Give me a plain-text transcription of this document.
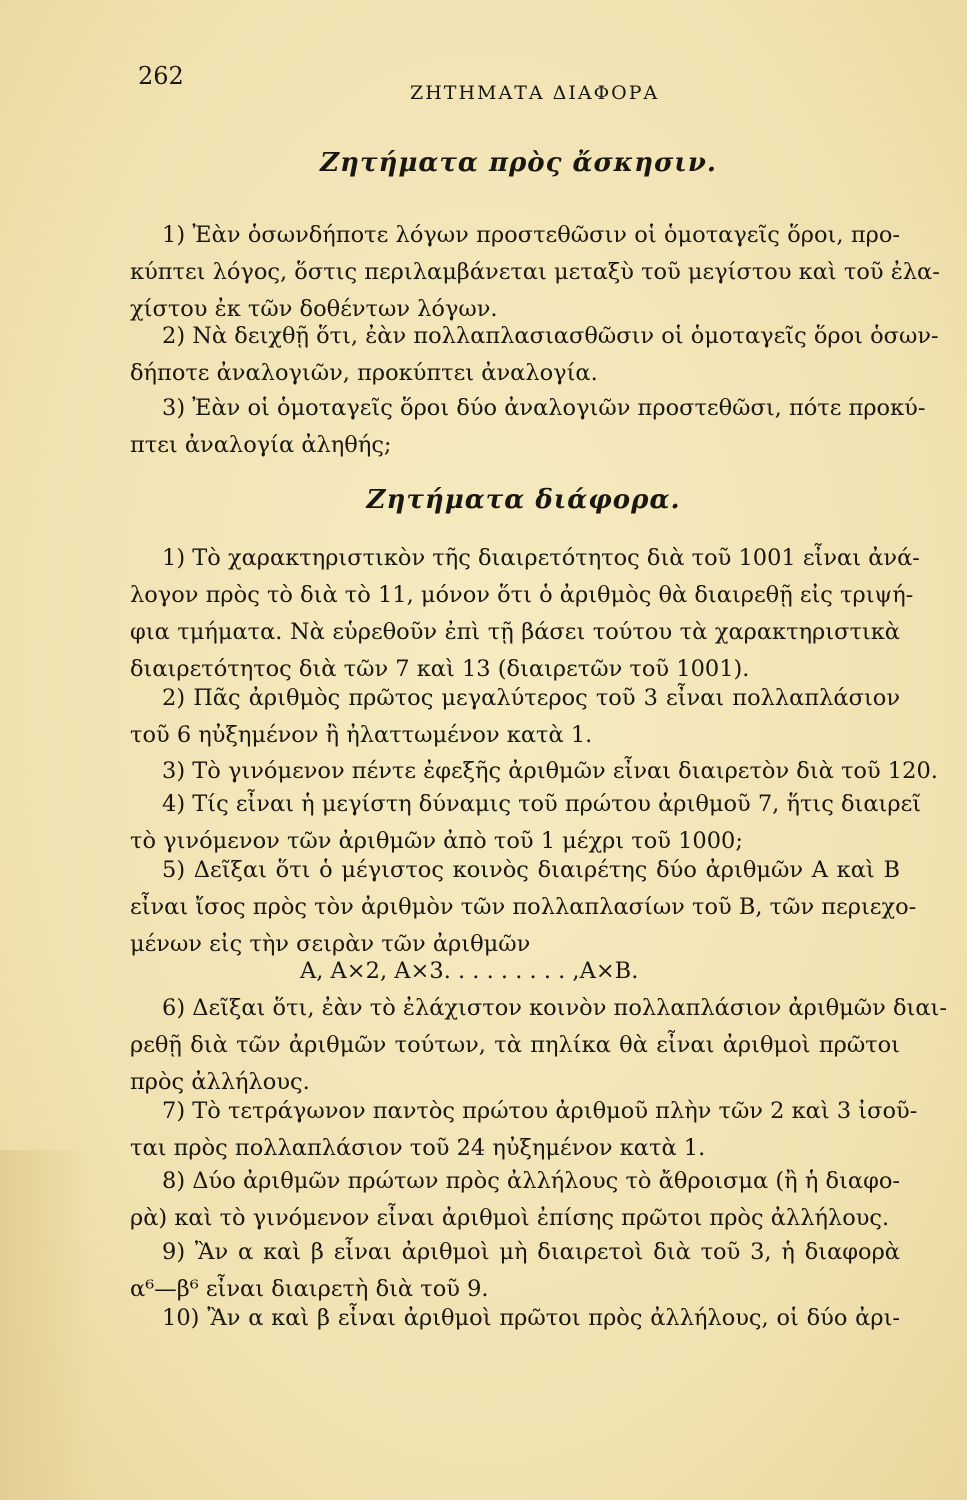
262
ΖΗΤΗΜΑΤΑ ΔΙΑΦΟΡΑ
Ζητήματα πρὸς ἄσκησιν.
1) Ἐὰν ὁσωνδήποτε λόγων προστεθῶσιν οἱ ὁμοταγεῖς ὅροι, προ-
κύπτει λόγος, ὅστις περιλαμβάνεται μεταξὺ τοῦ μεγίστου καὶ τοῦ ἐλα-
χίστου ἐκ τῶν δοθέντων λόγων.
2) Νὰ δειχθῇ ὅτι, ἐὰν πολλαπλασιασθῶσιν οἱ ὁμοταγεῖς ὅροι ὁσων-
δήποτε ἀναλογιῶν, προκύπτει ἀναλογία.
3) Ἐὰν οἱ ὁμοταγεῖς ὅροι δύο ἀναλογιῶν προστεθῶσι, πότε προκύ-
πτει ἀναλογία ἀληθής;
Ζητήματα διάφορα.
1) Τὸ χαρακτηριστικὸν τῆς διαιρετότητος διὰ τοῦ 1001 εἶναι ἀνά-
λογον πρὸς τὸ διὰ τὸ 11, μόνον ὅτι ὁ ἀριθμὸς θὰ διαιρεθῇ εἰς τριψή-
φια τμήματα. Νὰ εὑρεθοῦν ἐπὶ τῇ βάσει τούτου τὰ χαρακτηριστικὰ
διαιρετότητος διὰ τῶν 7 καὶ 13 (διαιρετῶν τοῦ 1001).
2) Πᾶς ἀριθμὸς πρῶτος μεγαλύτερος τοῦ 3 εἶναι πολλαπλάσιον
τοῦ 6 ηὐξημένον ἢ ἠλαττωμένον κατὰ 1.
3) Τὸ γινόμενον πέντε ἐφεξῆς ἀριθμῶν εἶναι διαιρετὸν διὰ τοῦ 120.
4) Τίς εἶναι ἡ μεγίστη δύναμις τοῦ πρώτου ἀριθμοῦ 7, ἥτις διαιρεῖ
τὸ γινόμενον τῶν ἀριθμῶν ἀπὸ τοῦ 1 μέχρι τοῦ 1000;
5) Δεῖξαι ὅτι ὁ μέγιστος κοινὸς διαιρέτης δύο ἀριθμῶν Α καὶ Β
εἶναι ἴσος πρὸς τὸν ἀριθμὸν τῶν πολλαπλασίων τοῦ Β, τῶν περιεχο-
μένων εἰς τὴν σειρὰν τῶν ἀριθμῶν
Α, Α×2, Α×3. . . . . . . . . ,Α×Β.
6) Δεῖξαι ὅτι, ἐὰν τὸ ἐλάχιστον κοινὸν πολλαπλάσιον ἀριθμῶν διαι-
ρεθῇ διὰ τῶν ἀριθμῶν τούτων, τὰ πηλίκα θὰ εἶναι ἀριθμοὶ πρῶτοι
πρὸς ἀλλήλους.
7) Τὸ τετράγωνον παντὸς πρώτου ἀριθμοῦ πλὴν τῶν 2 καὶ 3 ἰσοῦ-
ται πρὸς πολλαπλάσιον τοῦ 24 ηὐξημένον κατὰ 1.
8) Δύο ἀριθμῶν πρώτων πρὸς ἀλλήλους τὸ ἄθροισμα (ἢ ἡ διαφο-
ρὰ) καὶ τὸ γινόμενον εἶναι ἀριθμοὶ ἐπίσης πρῶτοι πρὸς ἀλλήλους.
9) Ἂν α καὶ β εἶναι ἀριθμοὶ μὴ διαιρετοὶ διὰ τοῦ 3, ἡ διαφορὰ
α⁶—β⁶ εἶναι διαιρετὴ διὰ τοῦ 9.
10) Ἂν α καὶ β εἶναι ἀριθμοὶ πρῶτοι πρὸς ἀλλήλους, οἱ δύο ἀρι-
